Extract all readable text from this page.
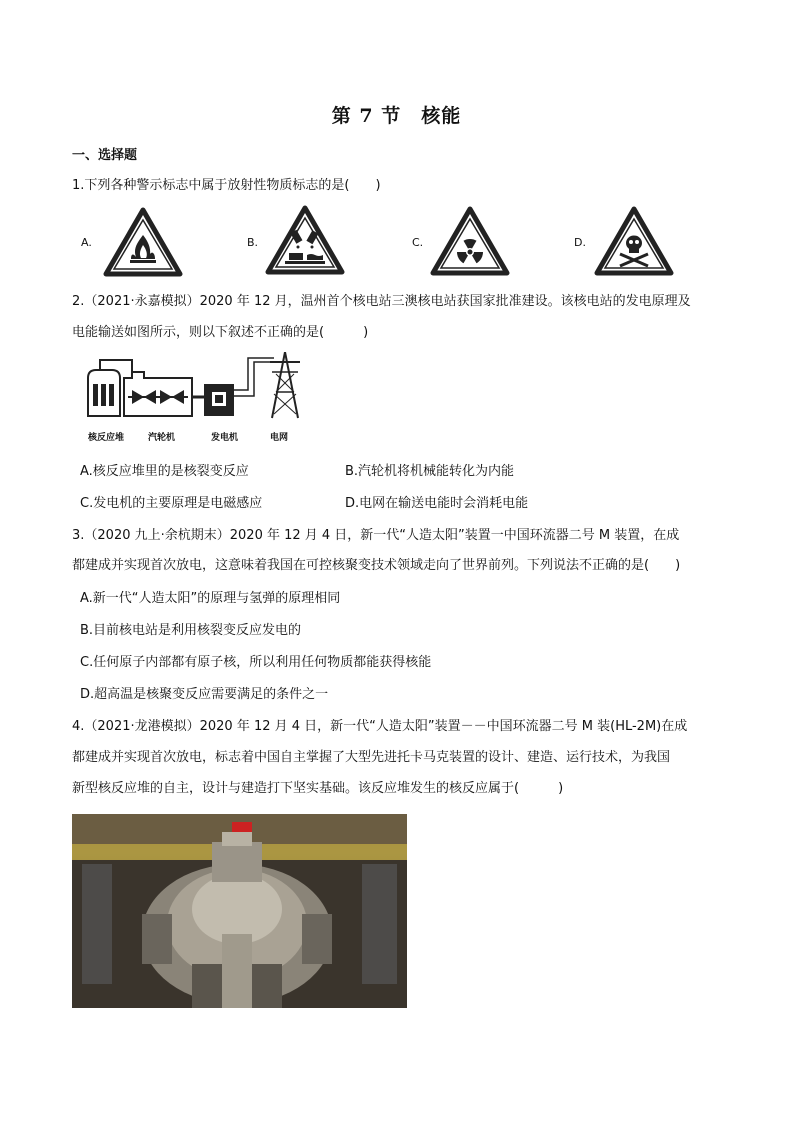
第 7 节　核能
一、选择题
1.下列各种警示标志中属于放射性物质标志的是(　　)
A.	B.	C.	D.
2.（2021·永嘉模拟）2020 年 12 月，温州首个核电站三澳核电站获国家批准建设。该核电站的发电原理及
电能输送如图所示，则以下叙述不正确的是(　　　)
核反应堆	汽轮机	发电机	电网
A.核反应堆里的是核裂变反应	B.汽轮机将机械能转化为内能
C.发电机的主要原理是电磁感应	D.电网在输送电能时会消耗电能
3.（2020 九上·余杭期末）2020 年 12 月 4 日，新一代“人造太阳”装置一中国环流器二号 M 装置，在成
都建成并实现首次放电，这意味着我国在可控核聚变技术领域走向了世界前列。下列说法不正确的是(　　)
A.新一代“人造太阳”的原理与氢弹的原理相同
B.目前核电站是利用核裂变反应发电的
C.任何原子内部都有原子核，所以利用任何物质都能获得核能
D.超高温是核聚变反应需要满足的条件之一
4.（2021·龙港模拟）2020 年 12 月 4 日，新一代“人造太阳”装置－－中国环流器二号 M 装(HL-2M)在成
都建成并实现首次放电，标志着中国自主掌握了大型先进托卡马克装置的设计、建造、运行技术，为我国
新型核反应堆的自主，设计与建造打下坚实基础。该反应堆发生的核反应属于(　　　)
